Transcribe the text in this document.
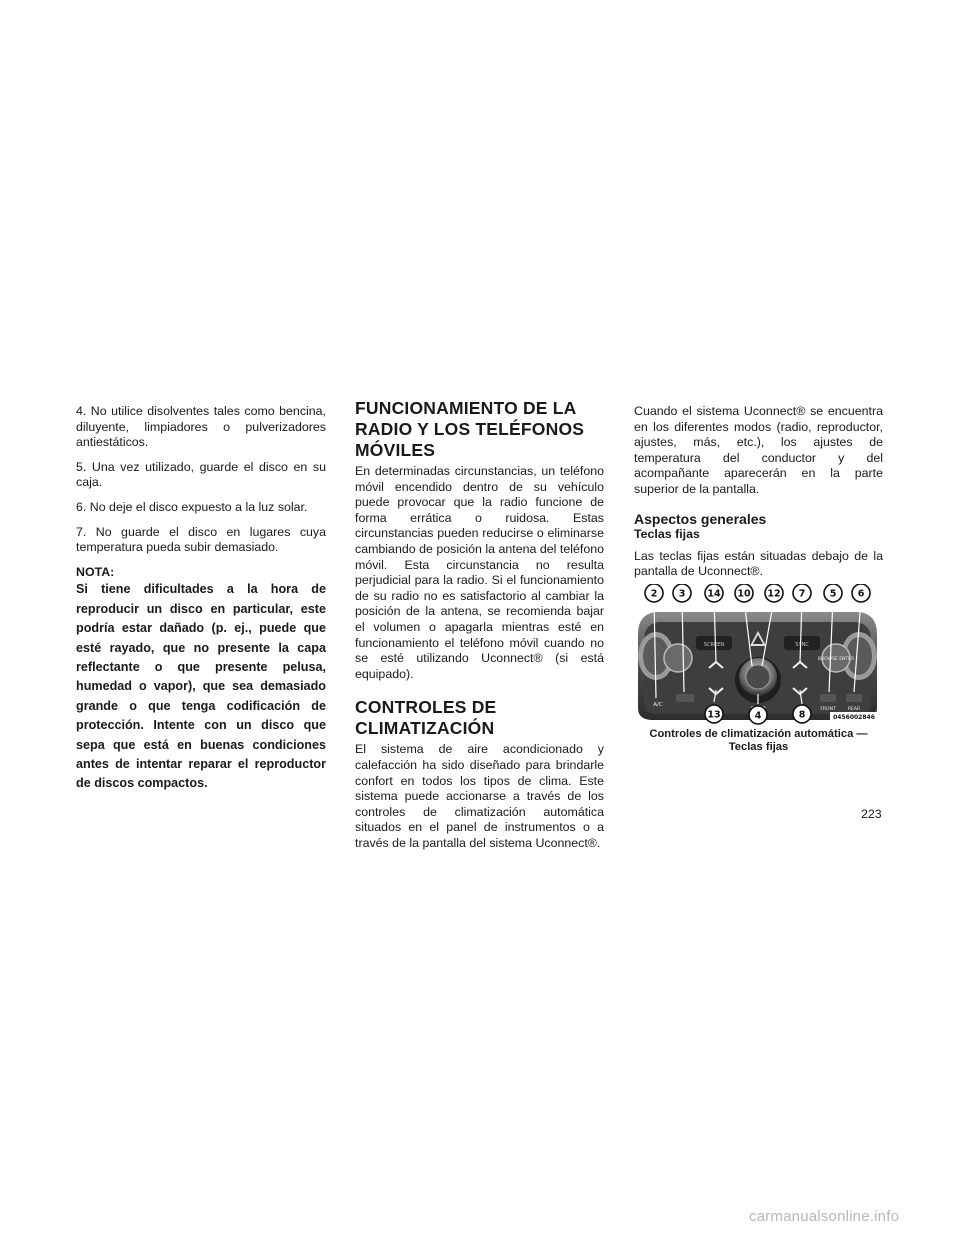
4. No utilice disolventes tales como bencina, diluyente, limpiadores o pulverizadores antiestáticos.

5. Una vez utilizado, guarde el disco en su caja.

6. No deje el disco expuesto a la luz solar.

7. No guarde el disco en lugares cuya temperatura pueda subir demasiado.

NOTA:

Si tiene dificultades a la hora de reproducir un disco en particular, este podría estar dañado (p. ej., puede que esté rayado, que no presente la capa reflectante o que presente pelusa, humedad o vapor), que sea demasiado grande o que tenga codificación de protección. Intente con un disco que sepa que está en buenas condiciones antes de intentar reparar el reproductor de discos compactos.

FUNCIONAMIENTO DE LA RADIO Y LOS TELÉFONOS MÓVILES

En determinadas circunstancias, un teléfono móvil encendido dentro de su vehículo puede provocar que la radio funcione de forma errática o ruidosa. Estas circunstancias pueden reducirse o eliminarse cambiando de posición la antena del teléfono móvil. Esta circunstancia no resulta perjudicial para la radio. Si el funcionamiento de su radio no es satisfactorio al cambiar la posición de la antena, se recomienda bajar el volumen o apagarla mientras esté en funcionamiento el teléfono móvil cuando no se esté utilizando Uconnect® (si está equipado).

CONTROLES DE CLIMATIZACIÓN

El sistema de aire acondicionado y calefacción ha sido diseñado para brindarle confort en todos los tipos de clima. Este sistema puede accionarse a través de los controles de climatización automática situados en el panel de instrumentos o a través de la pantalla del sistema Uconnect®.

Cuando el sistema Uconnect® se encuentra en los diferentes modos (radio, reproductor, ajustes, más, etc.), los ajustes de temperatura del conductor y del acompañante aparecerán en la parte superior de la pantalla.

Aspectos generales
Teclas fijas

Las teclas fijas están situadas debajo de la pantalla de Uconnect®.

SCREEN	SYNC
BROWSE ENTER
A/C
FRONT	REAR
2 3 14 10 12 7	5 6
13	4	8	0456002846
Controles de climatización automática — Teclas fijas
223
carmanualsonline.info
